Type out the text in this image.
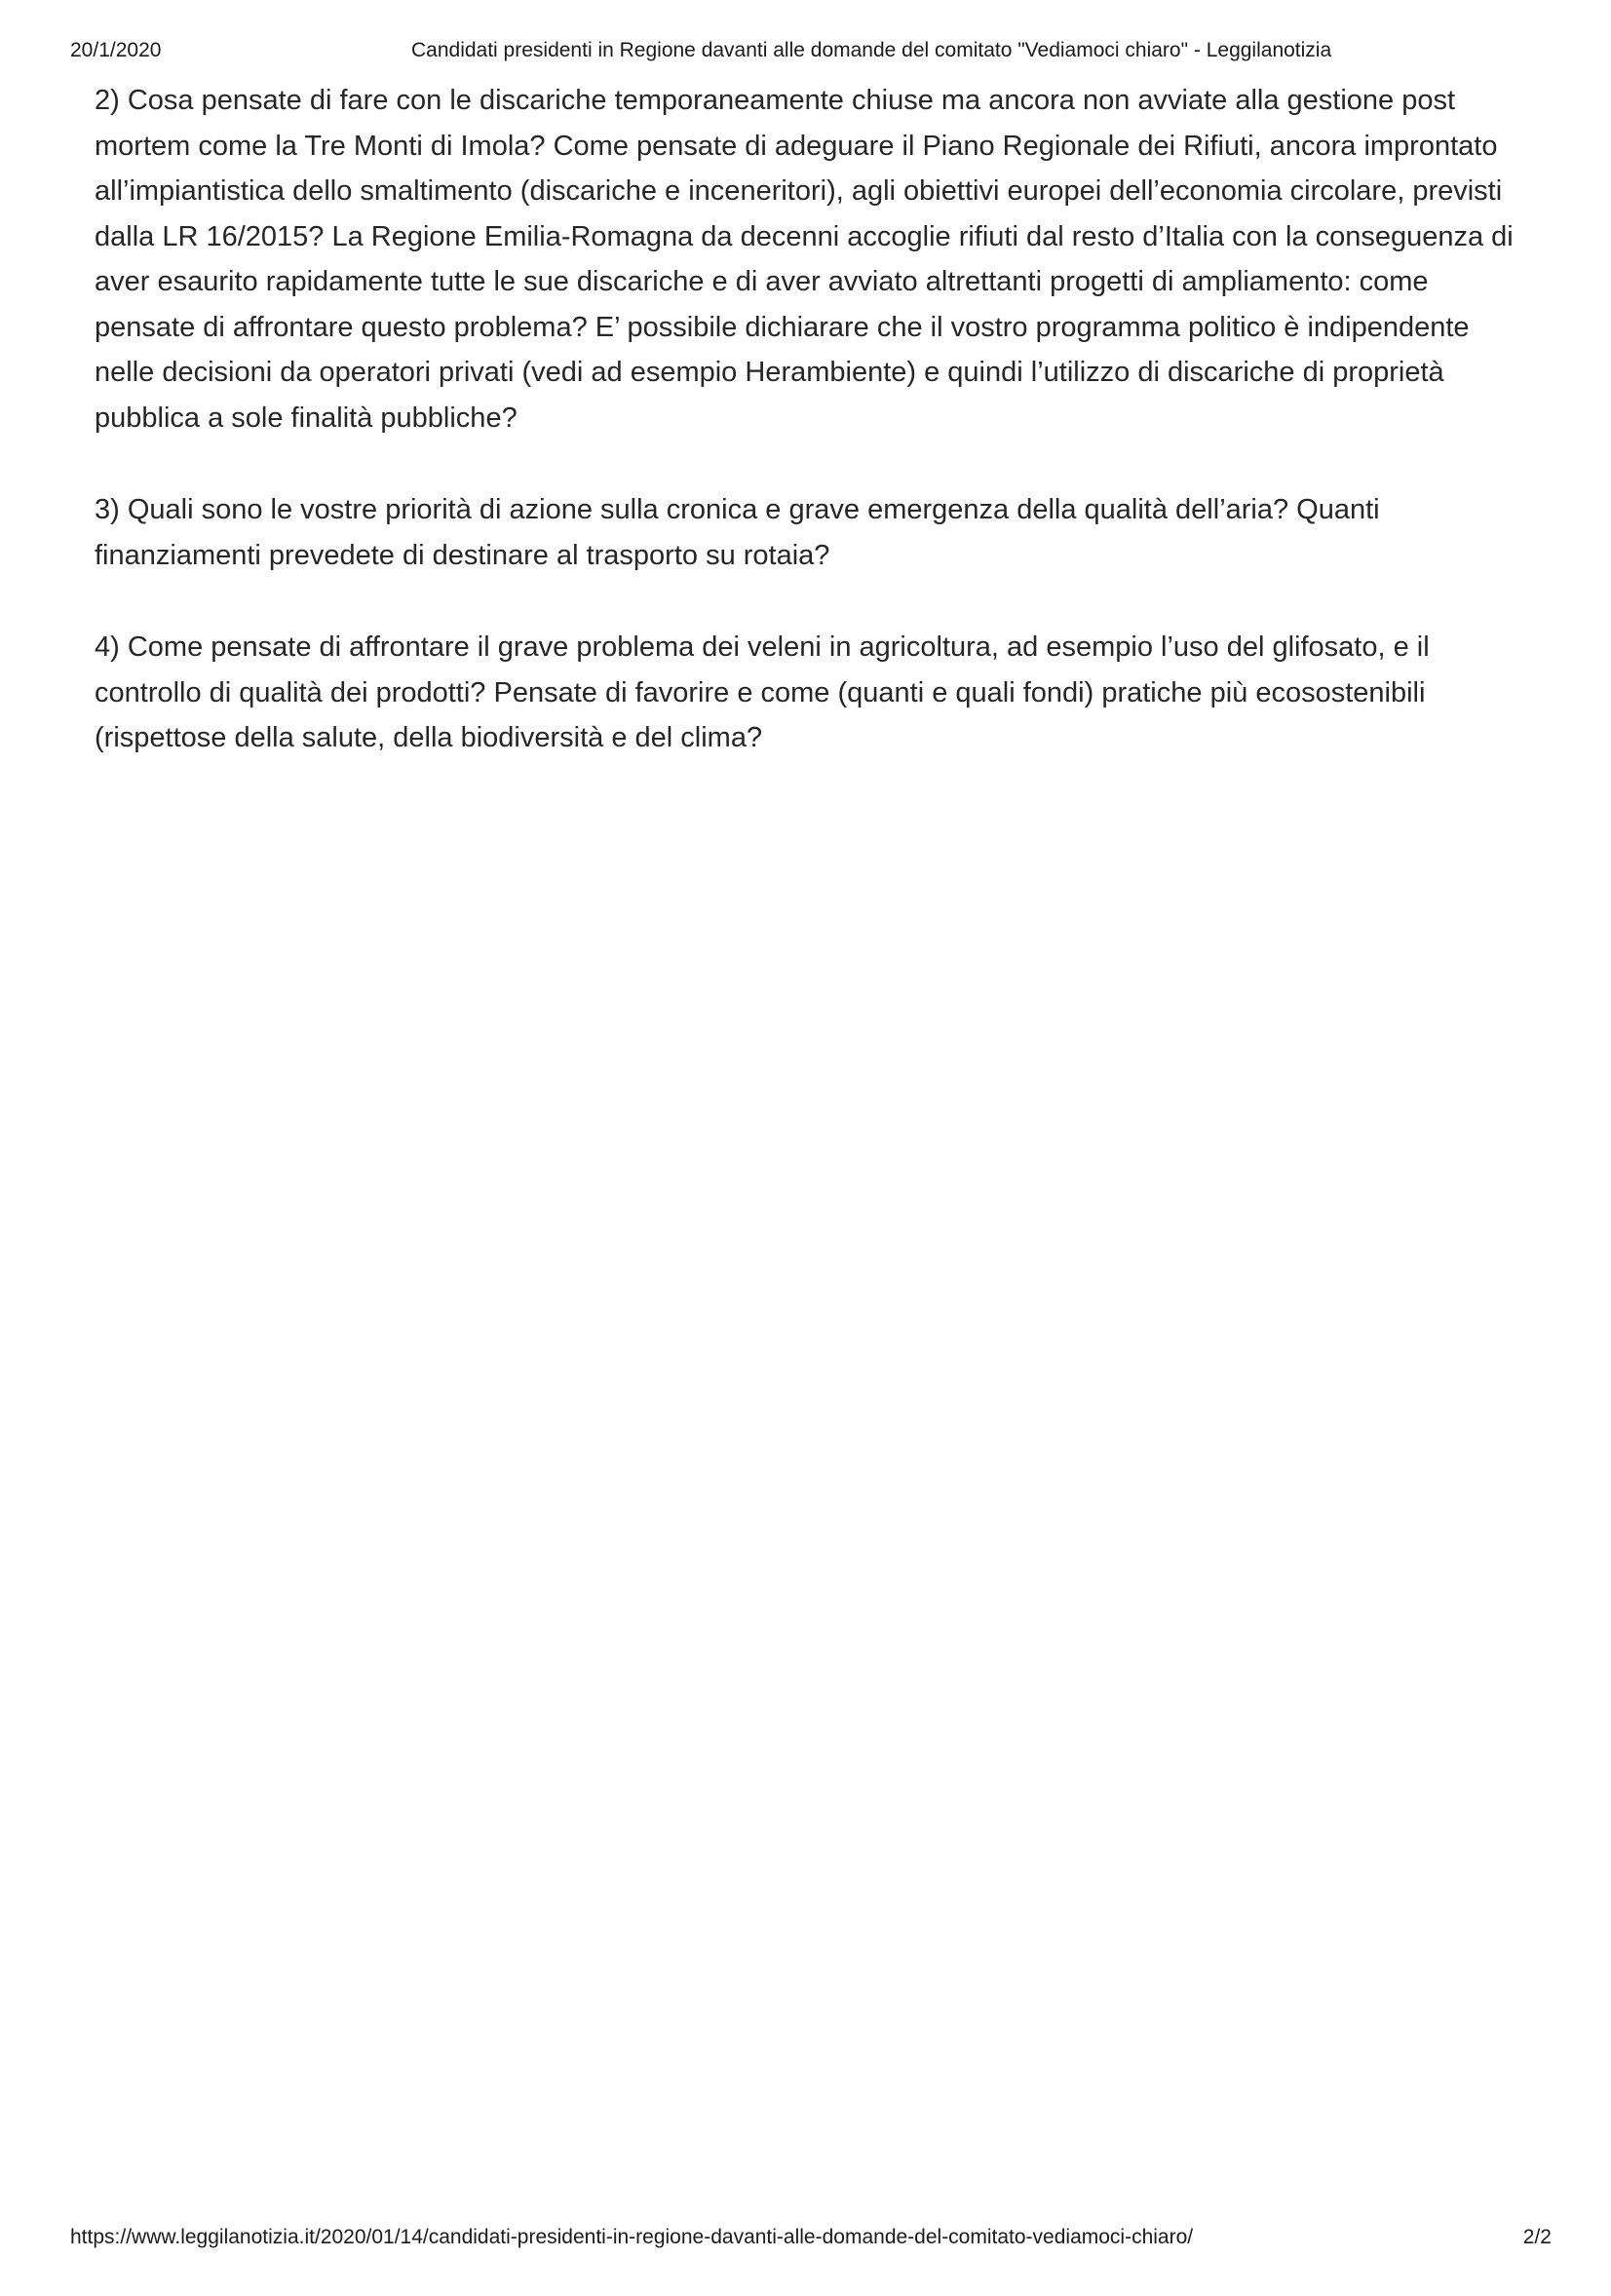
20/1/2020	Candidati presidenti in Regione davanti alle domande del comitato "Vediamoci chiaro" - Leggilanotizia

2) Cosa pensate di fare con le discariche temporaneamente chiuse ma ancora non avviate alla gestione post mortem come la Tre Monti di Imola? Come pensate di adeguare il Piano Regionale dei Rifiuti, ancora improntato all’impiantistica dello smaltimento (discariche e inceneritori), agli obiettivi europei dell’economia circolare, previsti dalla LR 16/2015? La Regione Emilia-Romagna da decenni accoglie rifiuti dal resto d’Italia con la conseguenza di aver esaurito rapidamente tutte le sue discariche e di aver avviato altrettanti progetti di ampliamento: come pensate di affrontare questo problema? E’ possibile dichiarare che il vostro programma politico è indipendente nelle decisioni da operatori privati (vedi ad esempio Herambiente) e quindi l’utilizzo di discariche di proprietà pubblica a sole finalità pubbliche?

3) Quali sono le vostre priorità di azione sulla cronica e grave emergenza della qualità dell’aria? Quanti finanziamenti prevedete di destinare al trasporto su rotaia?

4) Come pensate di affrontare il grave problema dei veleni in agricoltura, ad esempio l’uso del glifosato, e il controllo di qualità dei prodotti? Pensate di favorire e come (quanti e quali fondi) pratiche più ecosostenibili (rispettose della salute, della biodiversità e del clima?

https://www.leggilanotizia.it/2020/01/14/candidati-presidenti-in-regione-davanti-alle-domande-del-comitato-vediamoci-chiaro/	2/2
